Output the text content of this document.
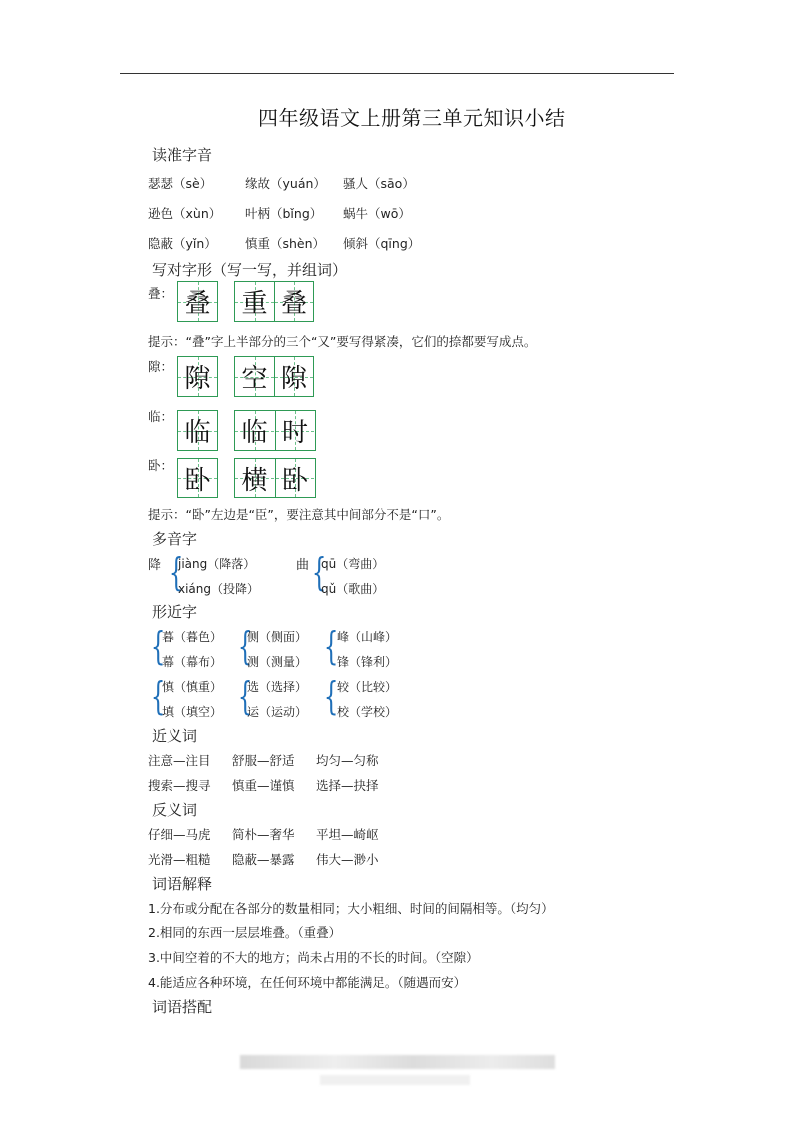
四年级语文上册第三单元知识小结
读准字音
瑟瑟（sè）	缘故（yuán） 骚人（sāo）
逊色（xùn） 叶柄（bǐng） 蜗牛（wō）
隐蔽（yǐn） 慎重（shèn） 倾斜（qīng）
写对字形（写一写，并组词）
叠： 叠 重 叠
提示：“叠”字上半部分的三个“又”要写得紧凑，它们的捺都要写成点。
隙： 隙 空 隙
临：
临 临 时
卧： 卧 横 卧
提示：“卧”左边是“臣”，要注意其中间部分不是“口”。
多音字
降 {
jiàng（降落）
xiáng（投降）
曲 {
qū（弯曲）
qǔ（歌曲）
形近字
{
暮（暮色）
幕（幕布） {
侧（侧面）
测（测量） {
峰（山峰）
锋（锋利）
{
慎（慎重）
填（填空） {
选（选择）
运（运动） {
较（比较）
校（学校）
近义词
注意—注目 舒服—舒适 均匀—匀称
搜索—搜寻 慎重—谨慎 选择—抉择
反义词
仔细—马虎 简朴—奢华 平坦—崎岖
光滑—粗糙 隐蔽—暴露 伟大—渺小
词语解释
1.分布或分配在各部分的数量相同；大小粗细、时间的间隔相等。（均匀）
2.相同的东西一层层堆叠。（重叠）
3.中间空着的不大的地方；尚未占用的不长的时间。（空隙）
4.能适应各种环境，在任何环境中都能满足。（随遇而安）
词语搭配
